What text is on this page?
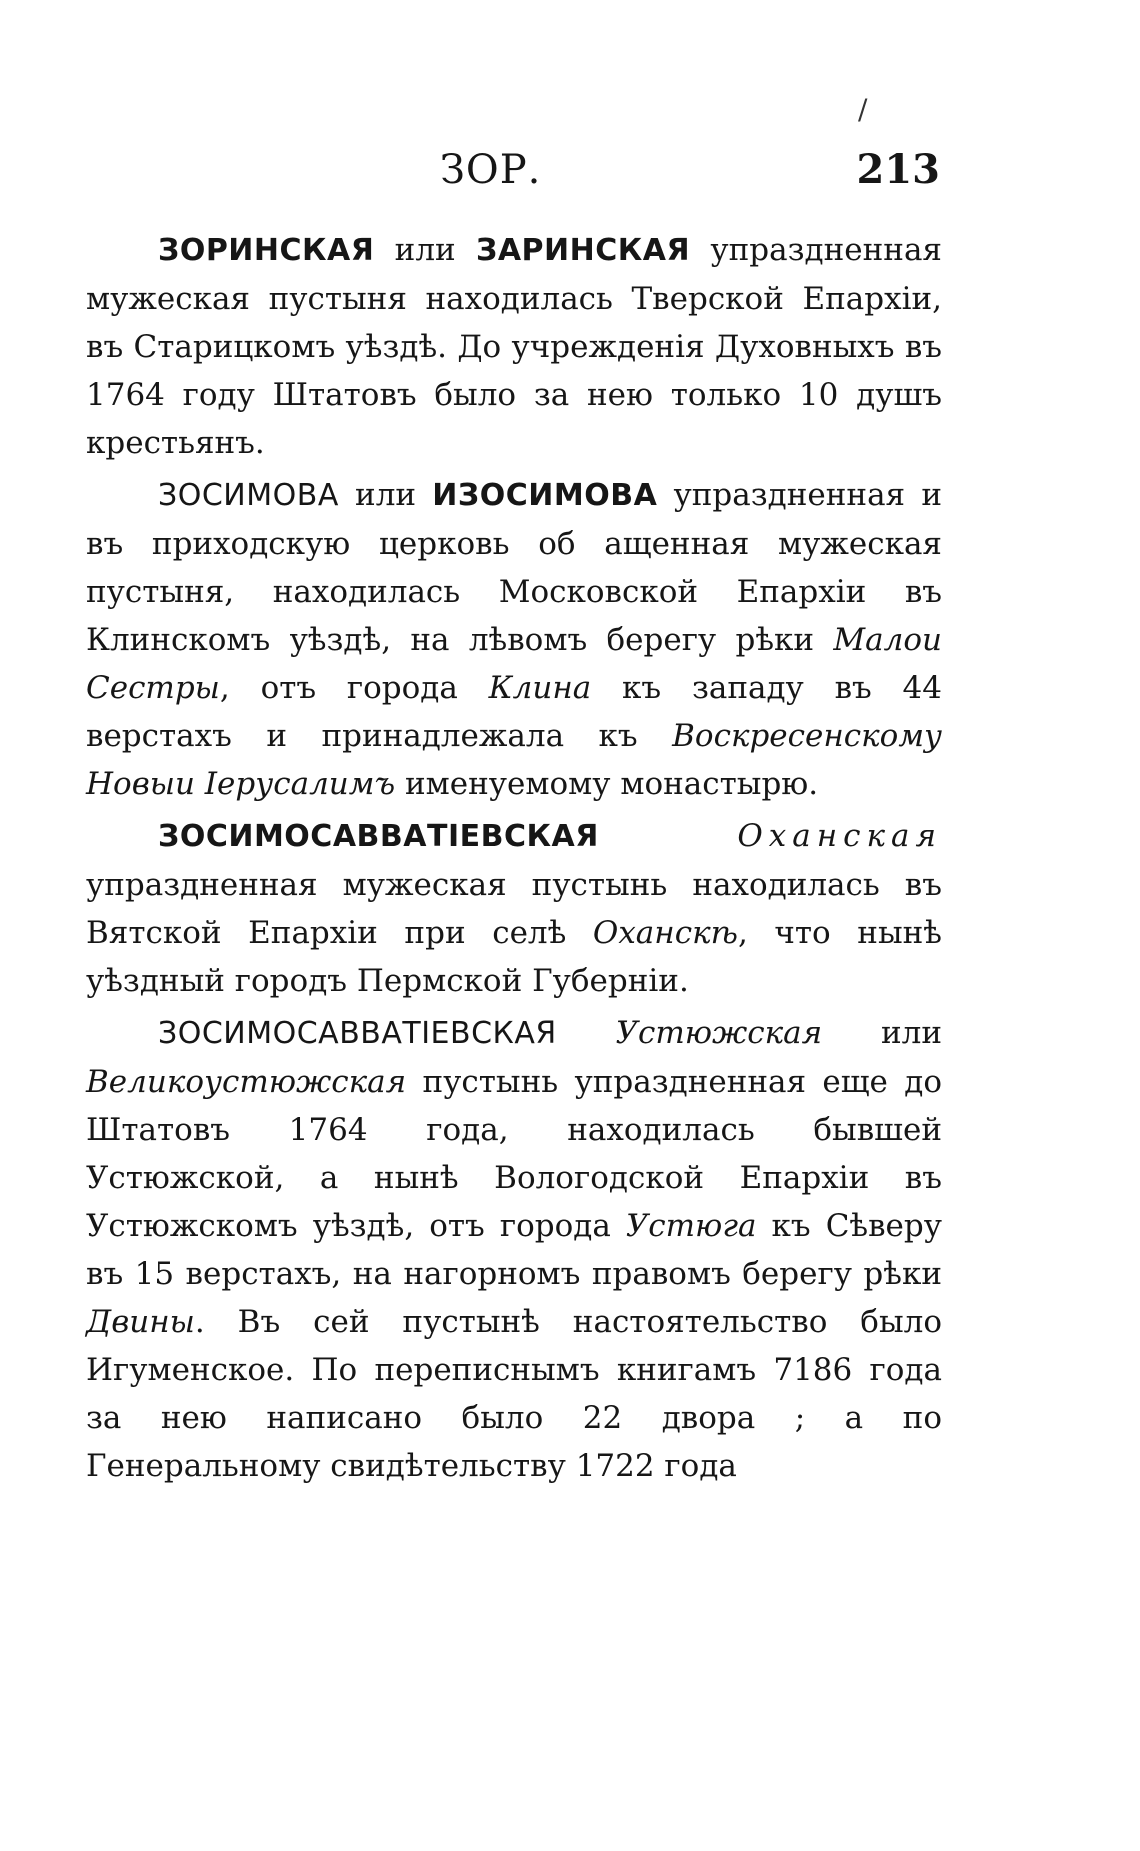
/
ЗОР.	213

ЗОРИНСКАЯ или ЗАРИНСКАЯ упраздненная мужеская пустыня находилась Тверской Епархіи, въ Старицкомъ уѣздѣ. До учрежденія Духовныхъ въ 1764 году Штатовъ было за нею только 10 душъ крестьянъ.

ЗОСИМОВА или ИЗОСИМОВА упраздненная и въ приходскую церковь об ащенная мужеская пустыня, находилась Московской Епархіи въ Клинскомъ уѣздѣ, на лѣвомъ берегу рѣки Малои Сестры, отъ города Клина къ западу въ 44 верстахъ и принадлежала къ Воскресенскому Новыи Іерусалимъ именуемому монастырю.

ЗОСИМОСАВВАТІЕВСКАЯ	Оханская упраздненная мужеская пустынь находилась въ Вятской Епархіи при селѣ Оханскѣ, что нынѣ уѣздный городъ Пермской Губерніи.

ЗОСИМОСАВВАТІЕВСКАЯ Устюжская или Великоустюжская пустынь упраздненная еще до Штатовъ 1764 года, находилась бывшей Устюжской, а нынѣ Вологодской Епархіи въ Устюжскомъ уѣздѣ, отъ города Устюга къ Сѣверу въ 15 верстахъ, на нагорномъ правомъ берегу рѣки Двины. Въ сей пустынѣ настоятельство было Игуменское. По переписнымъ книгамъ 7186 года за нею написано было 22 двора ; а по Генеральному свидѣтельству 1722 года
